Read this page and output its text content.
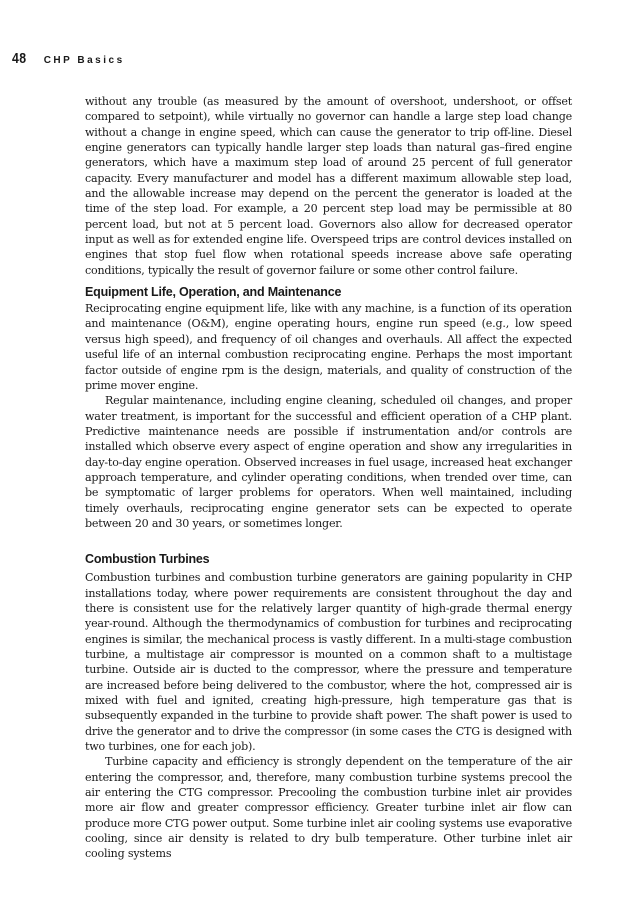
48 CHP Basics

without any trouble (as measured by the amount of overshoot, undershoot, or offset compared to setpoint), while virtually no governor can handle a large step load change without a change in engine speed, which can cause the generator to trip off-line. Diesel engine generators can typically handle larger step loads than natural gas–fired engine generators, which have a maximum step load of around 25 percent of full generator capacity. Every manufacturer and model has a different maximum allowable step load, and the allowable increase may depend on the percent the generator is loaded at the time of the step load. For example, a 20 percent step load may be permissible at 80 percent load, but not at 5 percent load. Governors also allow for decreased operator input as well as for extended engine life. Overspeed trips are control devices installed on engines that stop fuel flow when rotational speeds increase above safe operating conditions, typically the result of governor failure or some other control failure.

Equipment Life, Operation, and Maintenance

Reciprocating engine equipment life, like with any machine, is a function of its operation and maintenance (O&M), engine operating hours, engine run speed (e.g., low speed versus high speed), and frequency of oil changes and overhauls. All affect the expected useful life of an internal combustion reciprocating engine. Perhaps the most important factor outside of engine rpm is the design, materials, and quality of construction of the prime mover engine.

Regular maintenance, including engine cleaning, scheduled oil changes, and proper water treatment, is important for the successful and efficient operation of a CHP plant. Predictive maintenance needs are possible if instrumentation and/or controls are installed which observe every aspect of engine operation and show any irregularities in day-to-day engine operation. Observed increases in fuel usage, increased heat exchanger approach temperature, and cylinder operating conditions, when trended over time, can be symptomatic of larger problems for operators. When well maintained, including timely overhauls, reciprocating engine generator sets can be expected to operate between 20 and 30 years, or sometimes longer.

Combustion Turbines

Combustion turbines and combustion turbine generators are gaining popularity in CHP installations today, where power requirements are consistent throughout the day and there is consistent use for the relatively larger quantity of high-grade thermal energy year-round. Although the thermodynamics of combustion for turbines and reciprocating engines is similar, the mechanical process is vastly different. In a multi-stage combustion turbine, a multistage air compressor is mounted on a common shaft to a multistage turbine. Outside air is ducted to the compressor, where the pressure and temperature are increased before being delivered to the combustor, where the hot, compressed air is mixed with fuel and ignited, creating high-pressure, high temperature gas that is subsequently expanded in the turbine to provide shaft power. The shaft power is used to drive the generator and to drive the compressor (in some cases the CTG is designed with two turbines, one for each job).

Turbine capacity and efficiency is strongly dependent on the temperature of the air entering the compressor, and, therefore, many combustion turbine systems precool the air entering the CTG compressor. Precooling the combustion turbine inlet air provides more air flow and greater compressor efficiency. Greater turbine inlet air flow can produce more CTG power output. Some turbine inlet air cooling systems use evaporative cooling, since air density is related to dry bulb temperature. Other turbine inlet air cooling systems
